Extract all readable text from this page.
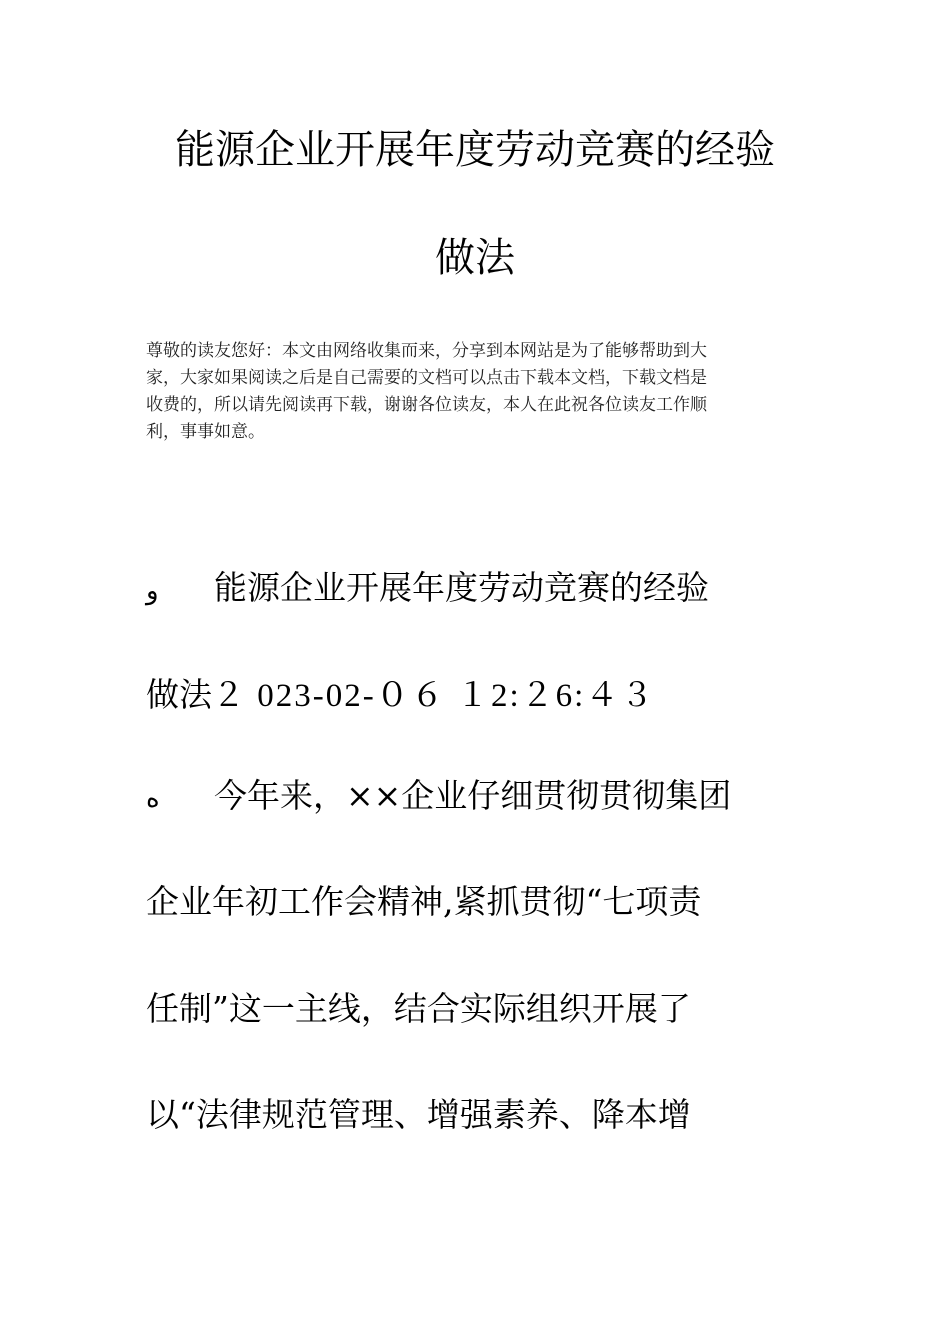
能源企业开展年度劳动竞赛的经验
做法
尊敬的读友您好：本文由网络收集而来，分享到本网站是为了能够帮助到大
家，大家如果阅读之后是自己需要的文档可以点击下载本文档，下载文档是
收费的，所以请先阅读再下载，谢谢各位读友，本人在此祝各位读友工作顺
利，事事如意。
و 能源企业开展年度劳动竞赛的经验
做法２ 023-02-０６ １2:２6:４３
ه 今年来，××企业仔细贯彻贯彻集团
企业年初工作会精神,紧抓贯彻“七项责
任制”这一主线，结合实际组织开展了
以“法律规范管理、增强素养、降本增
